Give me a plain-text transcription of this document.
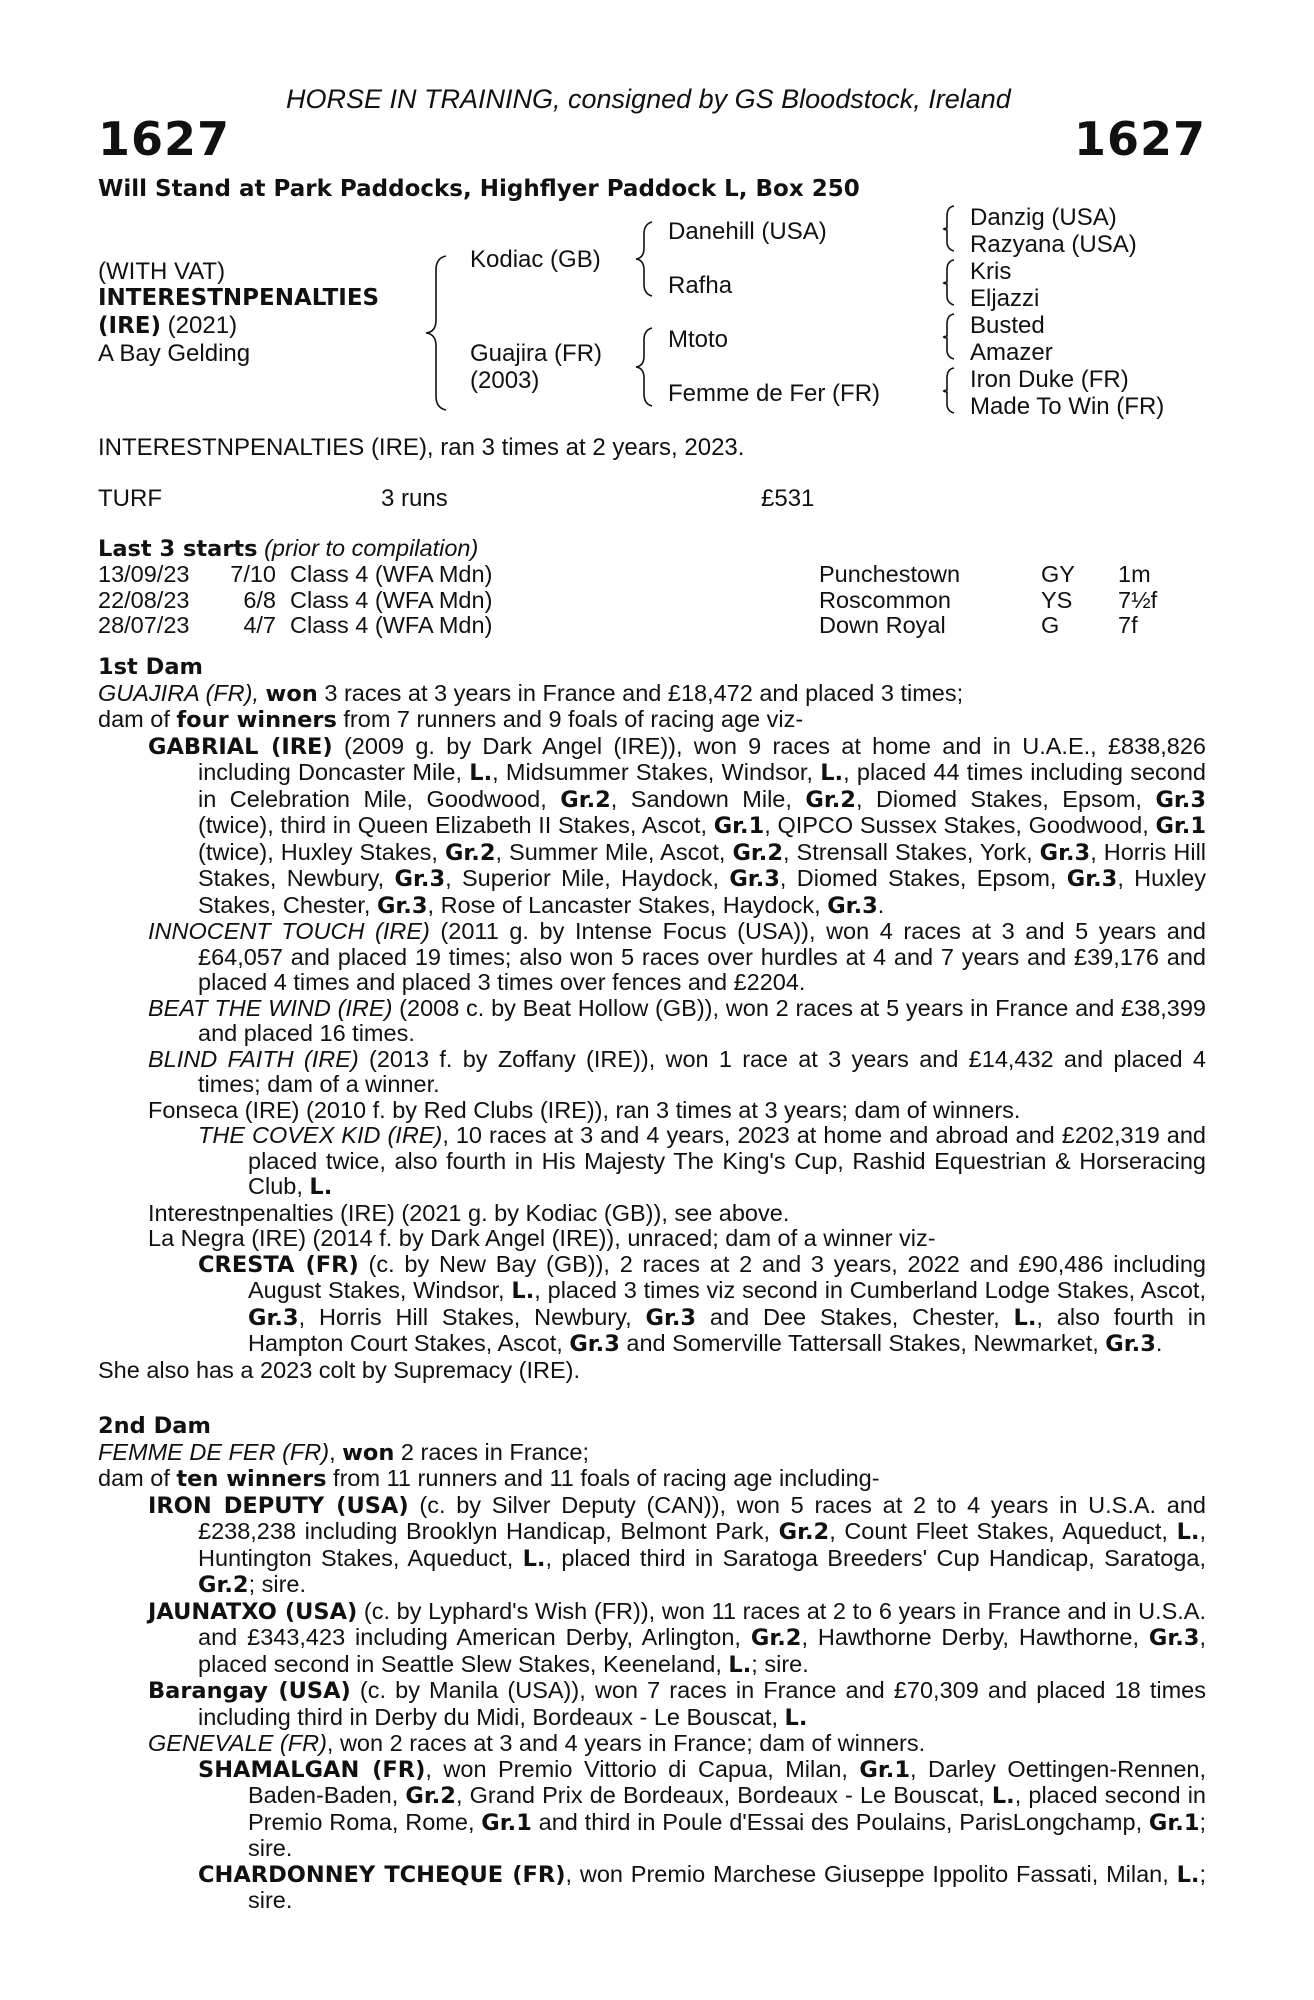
HORSE IN TRAINING, consigned by GS Bloodstock, Ireland
1627	1627
Will Stand at Park Paddocks, Highflyer Paddock L, Box 250
(WITH VAT)
INTERESTNPENALTIES
(IRE) (2021)
A Bay Gelding
Kodiac (GB)
Guajira (FR)
(2003)
Danehill (USA)
Rafha
Mtoto
Femme de Fer (FR)
Danzig (USA)
Razyana (USA)
Kris
Eljazzi
Busted
Amazer
Iron Duke (FR)
Made To Win (FR)
INTERESTNPENALTIES (IRE), ran 3 times at 2 years, 2023.
TURF	3 runs	£531
Last 3 starts (prior to compilation)
13/09/23	7/10 Class 4 (WFA Mdn)	Punchestown	GY 1m
22/08/23	6/8 Class 4 (WFA Mdn)	Roscommon	YS 7½f
28/07/23	4/7 Class 4 (WFA Mdn)	Down Royal	G 7f
1st Dam
GUAJIRA (FR), won 3 races at 3 years in France and £18,472 and placed 3 times;
dam of four winners from 7 runners and 9 foals of racing age viz-
GABRIAL (IRE) (2009 g. by Dark Angel (IRE)), won 9 races at home and in U.A.E., £838,826 including Doncaster Mile, L., Midsummer Stakes, Windsor, L., placed 44 times including second in Celebration Mile, Goodwood, Gr.2, Sandown Mile, Gr.2, Diomed Stakes, Epsom, Gr.3 (twice), third in Queen Elizabeth II Stakes, Ascot, Gr.1, QIPCO Sussex Stakes, Goodwood, Gr.1 (twice), Huxley Stakes, Gr.2, Summer Mile, Ascot, Gr.2, Strensall Stakes, York, Gr.3, Horris Hill Stakes, Newbury, Gr.3, Superior Mile, Haydock, Gr.3, Diomed Stakes, Epsom, Gr.3, Huxley Stakes, Chester, Gr.3, Rose of Lancaster Stakes, Haydock, Gr.3.
INNOCENT TOUCH (IRE) (2011 g. by Intense Focus (USA)), won 4 races at 3 and 5 years and £64,057 and placed 19 times; also won 5 races over hurdles at 4 and 7 years and £39,176 and placed 4 times and placed 3 times over fences and £2204.
BEAT THE WIND (IRE) (2008 c. by Beat Hollow (GB)), won 2 races at 5 years in France and £38,399 and placed 16 times.
BLIND FAITH (IRE) (2013 f. by Zoffany (IRE)), won 1 race at 3 years and £14,432 and placed 4 times; dam of a winner.
Fonseca (IRE) (2010 f. by Red Clubs (IRE)), ran 3 times at 3 years; dam of winners.
THE COVEX KID (IRE), 10 races at 3 and 4 years, 2023 at home and abroad and £202,319 and placed twice, also fourth in His Majesty The King's Cup, Rashid Equestrian & Horseracing Club, L.
Interestnpenalties (IRE) (2021 g. by Kodiac (GB)), see above.
La Negra (IRE) (2014 f. by Dark Angel (IRE)), unraced; dam of a winner viz-
CRESTA (FR) (c. by New Bay (GB)), 2 races at 2 and 3 years, 2022 and £90,486 including August Stakes, Windsor, L., placed 3 times viz second in Cumberland Lodge Stakes, Ascot, Gr.3, Horris Hill Stakes, Newbury, Gr.3 and Dee Stakes, Chester, L., also fourth in Hampton Court Stakes, Ascot, Gr.3 and Somerville Tattersall Stakes, Newmarket, Gr.3.
She also has a 2023 colt by Supremacy (IRE).
2nd Dam
FEMME DE FER (FR), won 2 races in France;
dam of ten winners from 11 runners and 11 foals of racing age including-
IRON DEPUTY (USA) (c. by Silver Deputy (CAN)), won 5 races at 2 to 4 years in U.S.A. and £238,238 including Brooklyn Handicap, Belmont Park, Gr.2, Count Fleet Stakes, Aqueduct, L., Huntington Stakes, Aqueduct, L., placed third in Saratoga Breeders' Cup Handicap, Saratoga, Gr.2; sire.
JAUNATXO (USA) (c. by Lyphard's Wish (FR)), won 11 races at 2 to 6 years in France and in U.S.A. and £343,423 including American Derby, Arlington, Gr.2, Hawthorne Derby, Hawthorne, Gr.3, placed second in Seattle Slew Stakes, Keeneland, L.; sire.
Barangay (USA) (c. by Manila (USA)), won 7 races in France and £70,309 and placed 18 times including third in Derby du Midi, Bordeaux - Le Bouscat, L.
GENEVALE (FR), won 2 races at 3 and 4 years in France; dam of winners.
SHAMALGAN (FR), won Premio Vittorio di Capua, Milan, Gr.1, Darley Oettingen-Rennen, Baden-Baden, Gr.2, Grand Prix de Bordeaux, Bordeaux - Le Bouscat, L., placed second in Premio Roma, Rome, Gr.1 and third in Poule d'Essai des Poulains, ParisLongchamp, Gr.1; sire.
CHARDONNEY TCHEQUE (FR), won Premio Marchese Giuseppe Ippolito Fassati, Milan, L.; sire.
